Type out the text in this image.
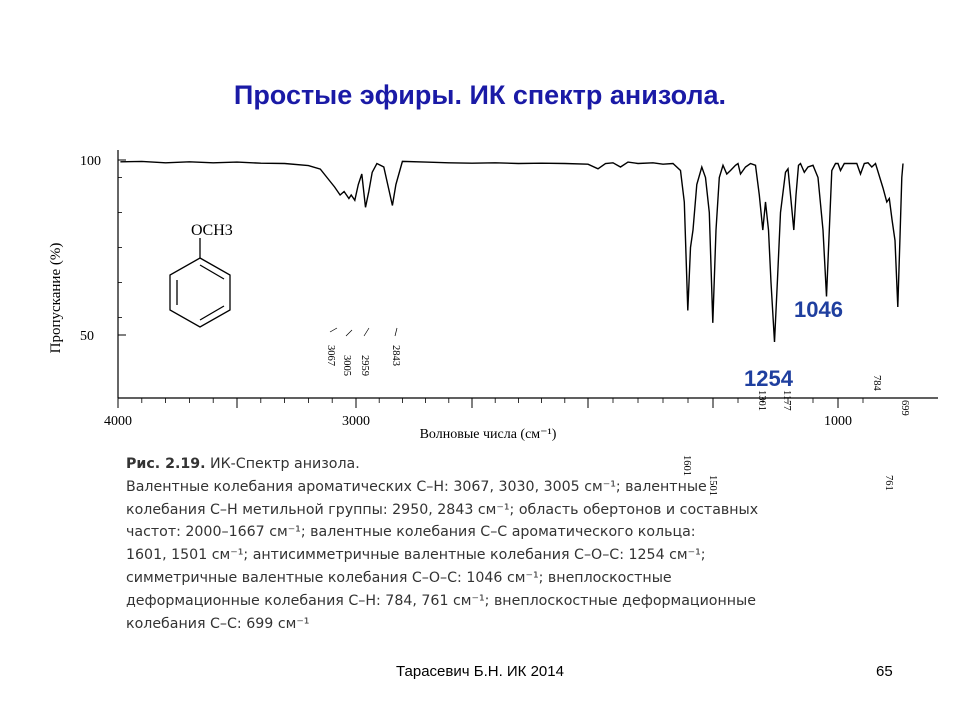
Простые эфиры. ИК спектр анизола.
100
50
4000	3000	1000
Пропускание (%)
Волновые числа (см⁻¹)
3067 3005 2959 2843
1601
1501
1301 1177
784
761
699
1046
1254
OCH3

Рис. 2.19. ИК-Спектр анизола.

Валентные колебания ароматических С–Н: 3067, 3030, 3005 см⁻¹; валентные

колебания С–Н метильной группы: 2950, 2843 см⁻¹; область обертонов и составных

частот: 2000–1667 см⁻¹; валентные колебания С–С ароматического кольца:

1601, 1501 см⁻¹; антисимметричные валентные колебания С–О–С: 1254 см⁻¹;

симметричные валентные колебания С–О–С: 1046 см⁻¹; внеплоскостные

деформационные колебания С–Н: 784, 761 см⁻¹; внеплоскостные деформационные

колебания С–С: 699 см⁻¹

Тарасевич Б.Н. ИК 2014	65
